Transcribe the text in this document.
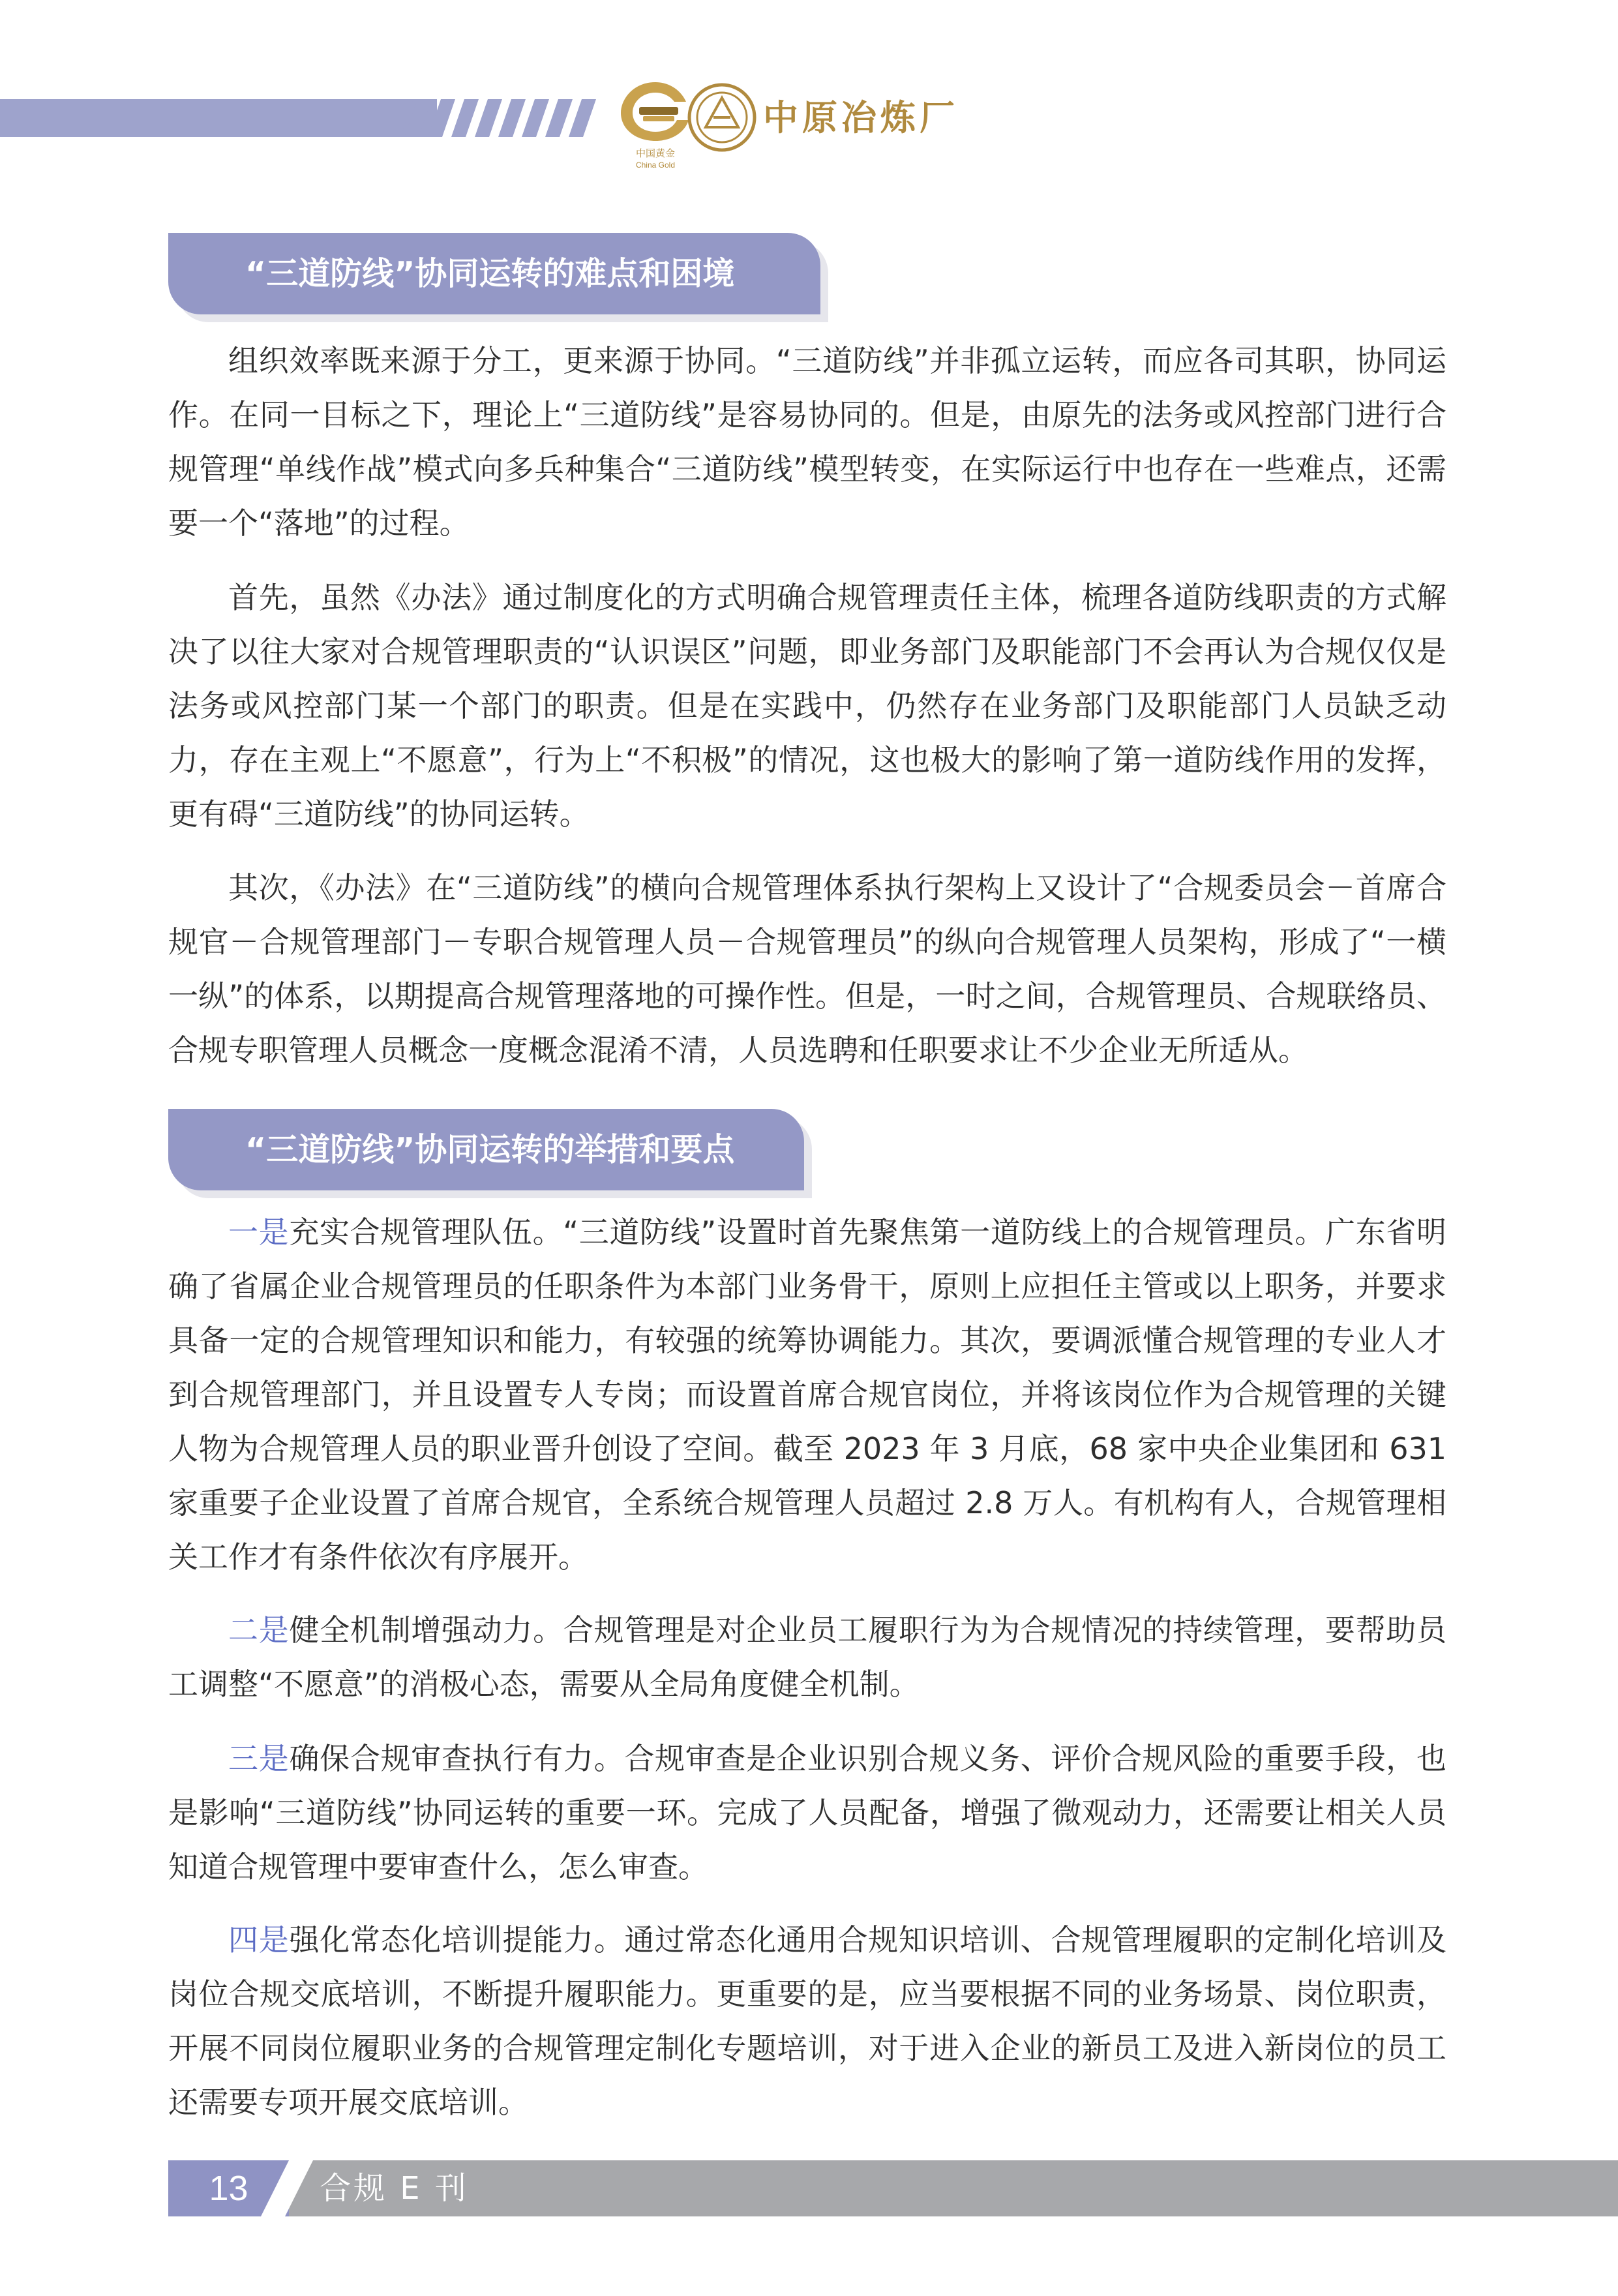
中国黄金
China Gold
中原冶炼厂
“三道防线”协同运转的难点和困境

组织效率既来源于分工，更来源于协同。“三道防线”并非孤立运转，而应各司其职，协同运作。在同一目标之下，理论上“三道防线”是容易协同的。但是，由原先的法务或风控部门进行合规管理“单线作战”模式向多兵种集合“三道防线”模型转变，在实际运行中也存在一些难点，还需要一个“落地”的过程。

首先，虽然《办法》通过制度化的方式明确合规管理责任主体，梳理各道防线职责的方式解决了以往大家对合规管理职责的“认识误区”问题，即业务部门及职能部门不会再认为合规仅仅是法务或风控部门某一个部门的职责。但是在实践中，仍然存在业务部门及职能部门人员缺乏动力，存在主观上“不愿意”，行为上“不积极”的情况，这也极大的影响了第一道防线作用的发挥，更有碍“三道防线”的协同运转。

其次，《办法》在“三道防线”的横向合规管理体系执行架构上又设计了“合规委员会－首席合规官－合规管理部门－专职合规管理人员－合规管理员”的纵向合规管理人员架构，形成了“一横一纵”的体系，以期提高合规管理落地的可操作性。但是，一时之间，合规管理员、合规联络员、合规专职管理人员概念一度概念混淆不清，人员选聘和任职要求让不少企业无所适从。

“三道防线”协同运转的举措和要点

一是充实合规管理队伍。“三道防线”设置时首先聚焦第一道防线上的合规管理员。广东省明确了省属企业合规管理员的任职条件为本部门业务骨干，原则上应担任主管或以上职务，并要求具备一定的合规管理知识和能力，有较强的统筹协调能力。其次，要调派懂合规管理的专业人才到合规管理部门，并且设置专人专岗；而设置首席合规官岗位，并将该岗位作为合规管理的关键人物为合规管理人员的职业晋升创设了空间。截至 2023 年 3 月底，68 家中央企业集团和 631 家重要子企业设置了首席合规官，全系统合规管理人员超过 2.8 万人。有机构有人，合规管理相关工作才有条件依次有序展开。

二是健全机制增强动力。合规管理是对企业员工履职行为为合规情况的持续管理，要帮助员工调整“不愿意”的消极心态，需要从全局角度健全机制。

三是确保合规审查执行有力。合规审查是企业识别合规义务、评价合规风险的重要手段，也是影响“三道防线”协同运转的重要一环。完成了人员配备，增强了微观动力，还需要让相关人员知道合规管理中要审查什么，怎么审查。

四是强化常态化培训提能力。通过常态化通用合规知识培训、合规管理履职的定制化培训及岗位合规交底培训，不断提升履职能力。更重要的是，应当要根据不同的业务场景、岗位职责，开展不同岗位履职业务的合规管理定制化专题培训，对于进入企业的新员工及进入新岗位的员工还需要专项开展交底培训。

13	合规 E 刊
